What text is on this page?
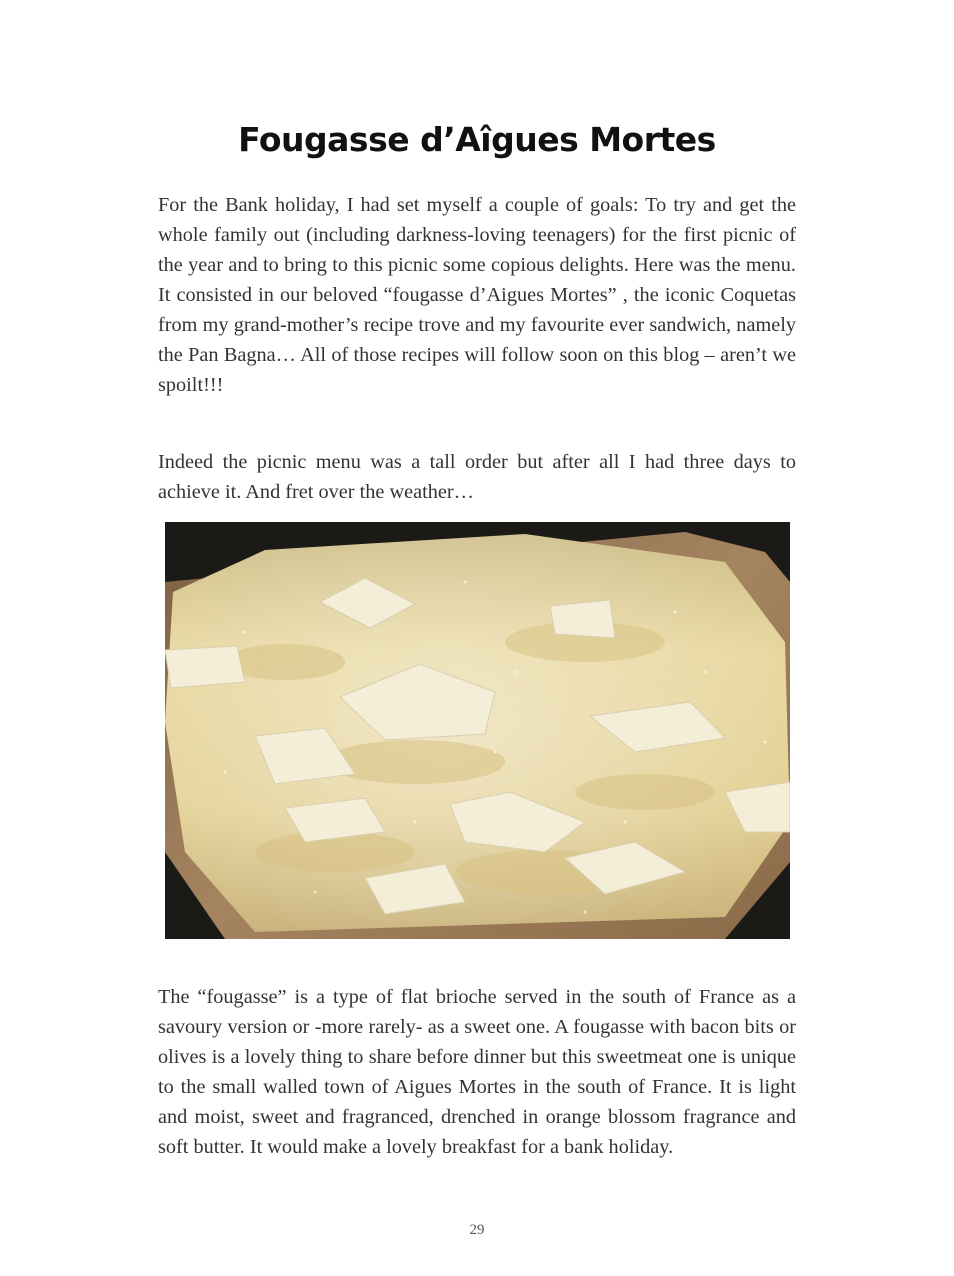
Fougasse d’Aîgues Mortes

For the Bank holiday, I had set myself a couple of goals: To try and get the whole family out (including darkness-loving teenagers) for the first picnic of the year and to bring to this picnic some copious delights. Here was the menu. It consisted in our beloved “fougasse d’Aigues Mortes” , the iconic Coquetas from my grand-mother’s recipe trove and my favourite ever sandwich, namely the Pan Bagna… All of those recipes will follow soon on this blog – aren’t we spoilt!!!

Indeed the picnic menu was a tall order but after all I had three days to achieve it. And fret over the weather…

The “fougasse” is a type of flat brioche served in the south of France as a savoury version or -more rarely- as a sweet one. A fougasse with bacon bits or olives is a lovely thing to share before dinner but this sweetmeat one is unique to the small walled town of Aigues Mortes in the south of France. It is light and moist, sweet and fragranced, drenched in orange blossom fragrance and soft butter. It would make a lovely breakfast for a bank holiday.

29
